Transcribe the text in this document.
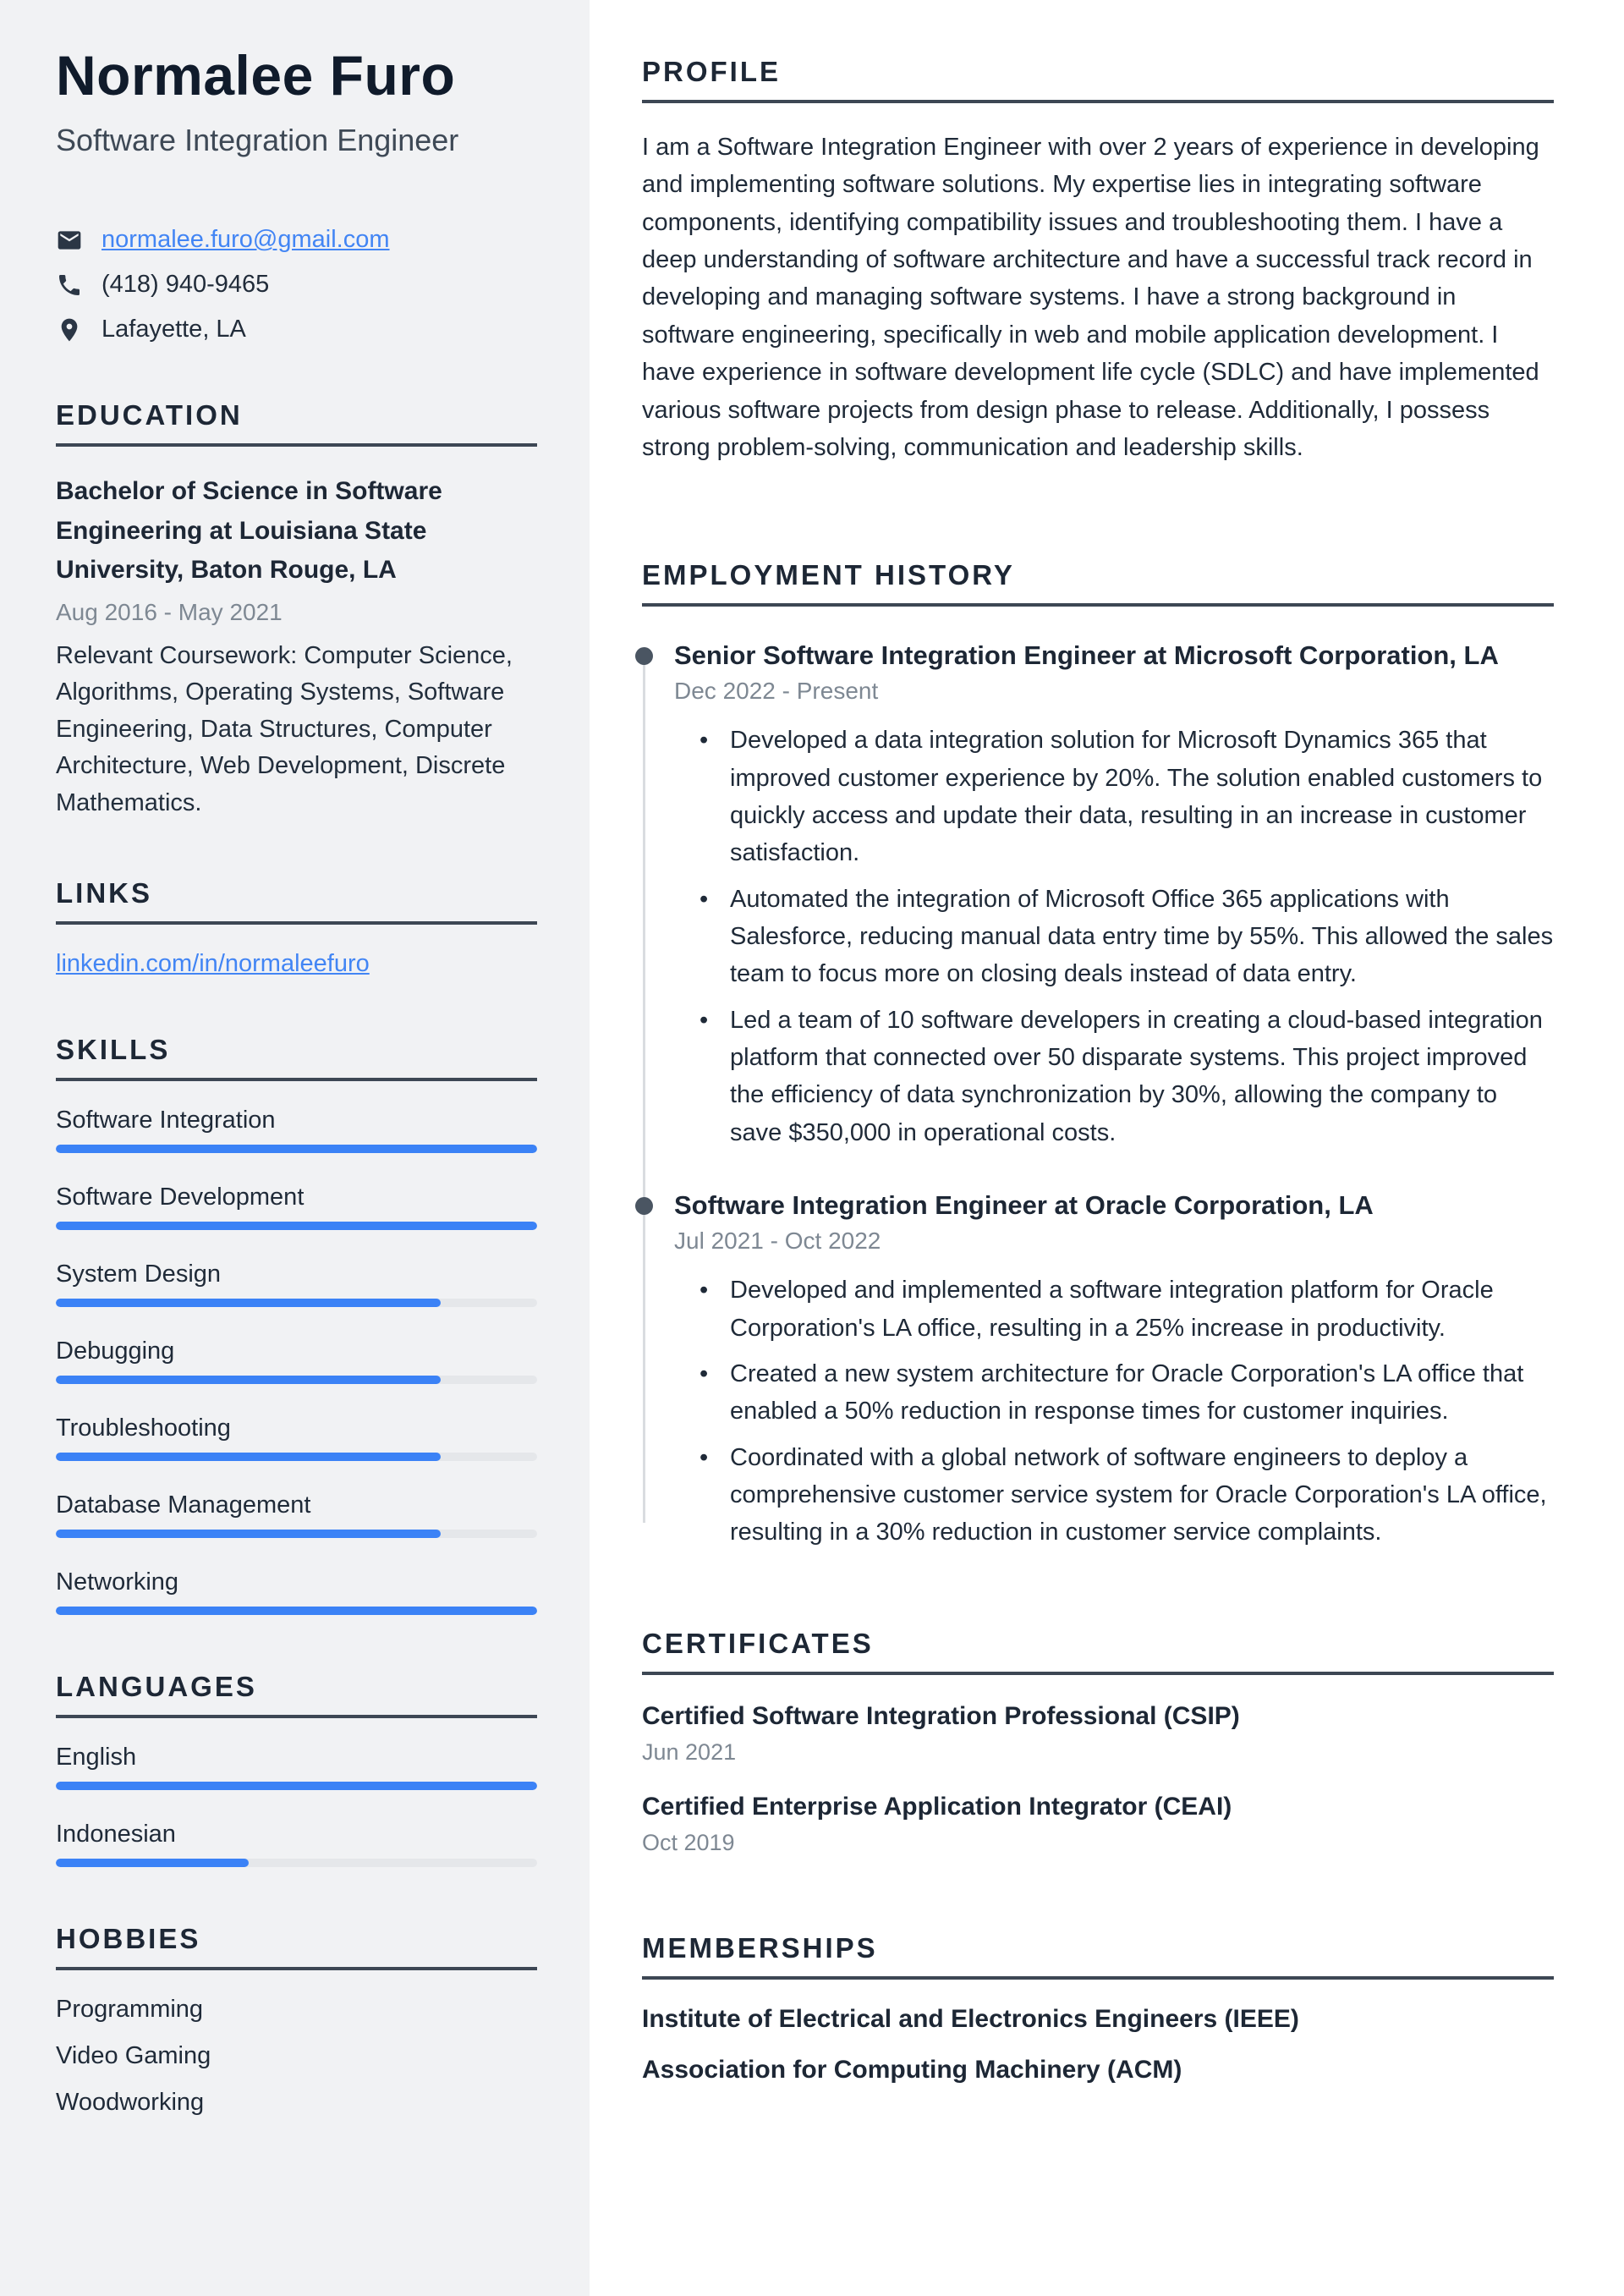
Normalee Furo
Software Integration Engineer
normalee.furo@gmail.com
(418) 940-9465
Lafayette, LA
EDUCATION
Bachelor of Science in Software Engineering at Louisiana State University, Baton Rouge, LA
Aug 2016 - May 2021
Relevant Coursework: Computer Science, Algorithms, Operating Systems, Software Engineering, Data Structures, Computer Architecture, Web Development, Discrete Mathematics.
LINKS
linkedin.com/in/normaleefuro
SKILLS
Software Integration
Software Development
System Design
Debugging
Troubleshooting
Database Management
Networking
LANGUAGES
English
Indonesian
HOBBIES
Programming
Video Gaming
Woodworking
PROFILE

I am a Software Integration Engineer with over 2 years of experience in developing and implementing software solutions. My expertise lies in integrating software components, identifying compatibility issues and troubleshooting them. I have a deep understanding of software architecture and have a successful track record in developing and managing software systems. I have a strong background in software engineering, specifically in web and mobile application development. I have experience in software development life cycle (SDLC) and have implemented various software projects from design phase to release. Additionally, I possess strong problem-solving, communication and leadership skills.

EMPLOYMENT HISTORY
Senior Software Integration Engineer at Microsoft Corporation, LA
Dec 2022 - Present
• Developed a data integration solution for Microsoft Dynamics 365 that improved customer experience by 20%. The solution enabled customers to quickly access and update their data, resulting in an increase in customer satisfaction.
• Automated the integration of Microsoft Office 365 applications with Salesforce, reducing manual data entry time by 55%. This allowed the sales team to focus more on closing deals instead of data entry.
• Led a team of 10 software developers in creating a cloud-based integration platform that connected over 50 disparate systems. This project improved the efficiency of data synchronization by 30%, allowing the company to save $350,000 in operational costs.
Software Integration Engineer at Oracle Corporation, LA
Jul 2021 - Oct 2022
• Developed and implemented a software integration platform for Oracle Corporation's LA office, resulting in a 25% increase in productivity.
• Created a new system architecture for Oracle Corporation's LA office that enabled a 50% reduction in response times for customer inquiries.
• Coordinated with a global network of software engineers to deploy a comprehensive customer service system for Oracle Corporation's LA office, resulting in a 30% reduction in customer service complaints.
CERTIFICATES
Certified Software Integration Professional (CSIP)
Jun 2021
Certified Enterprise Application Integrator (CEAI)
Oct 2019
MEMBERSHIPS
Institute of Electrical and Electronics Engineers (IEEE)
Association for Computing Machinery (ACM)
